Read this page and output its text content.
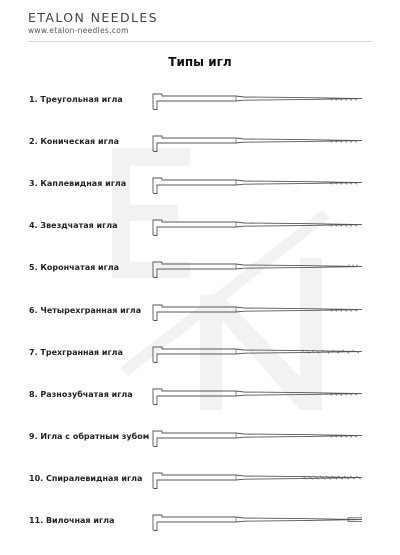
ETALON NEEDLES
www.etalon-needles.com
Типы игл
1. Треугольная игла
2. Коническая игла
3. Каплевидная игла
4. Звездчатая игла
5. Корончатая игла
6. Четырехгранная игла
7. Трехгранная игла
8. Разнозубчатая игла
9. Игла с обратным зубом
10. Спиралевидная игла
11. Вилочная игла
